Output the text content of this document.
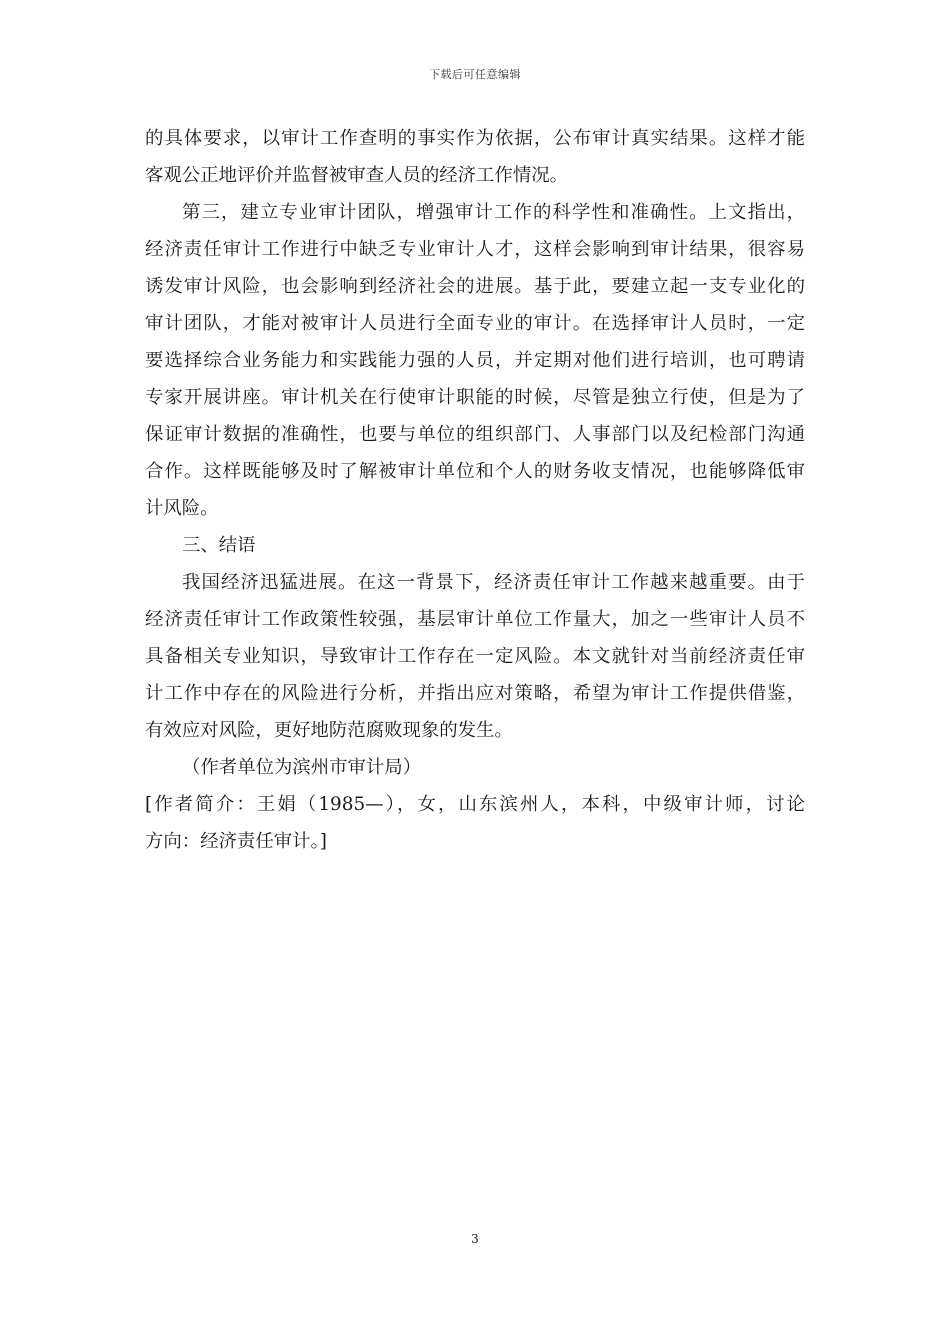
下载后可任意编辑
的具体要求，以审计工作查明的事实作为依据，公布审计真实结果。这样才能
客观公正地评价并监督被审查人员的经济工作情况。
第三，建立专业审计团队，增强审计工作的科学性和准确性。上文指出，
经济责任审计工作进行中缺乏专业审计人才，这样会影响到审计结果，很容易
诱发审计风险，也会影响到经济社会的进展。基于此，要建立起一支专业化的
审计团队，才能对被审计人员进行全面专业的审计。在选择审计人员时，一定
要选择综合业务能力和实践能力强的人员，并定期对他们进行培训，也可聘请
专家开展讲座。审计机关在行使审计职能的时候，尽管是独立行使，但是为了
保证审计数据的准确性，也要与单位的组织部门、人事部门以及纪检部门沟通
合作。这样既能够及时了解被审计单位和个人的财务收支情况，也能够降低审
计风险。
三、结语
我国经济迅猛进展。在这一背景下，经济责任审计工作越来越重要。由于
经济责任审计工作政策性较强，基层审计单位工作量大，加之一些审计人员不
具备相关专业知识，导致审计工作存在一定风险。本文就针对当前经济责任审
计工作中存在的风险进行分析，并指出应对策略，希望为审计工作提供借鉴，
有效应对风险，更好地防范腐败现象的发生。
（作者单位为滨州市审计局）
[作者简介：王娟（1985—），女，山东滨州人，本科，中级审计师，讨论
方向：经济责任审计。]
3
